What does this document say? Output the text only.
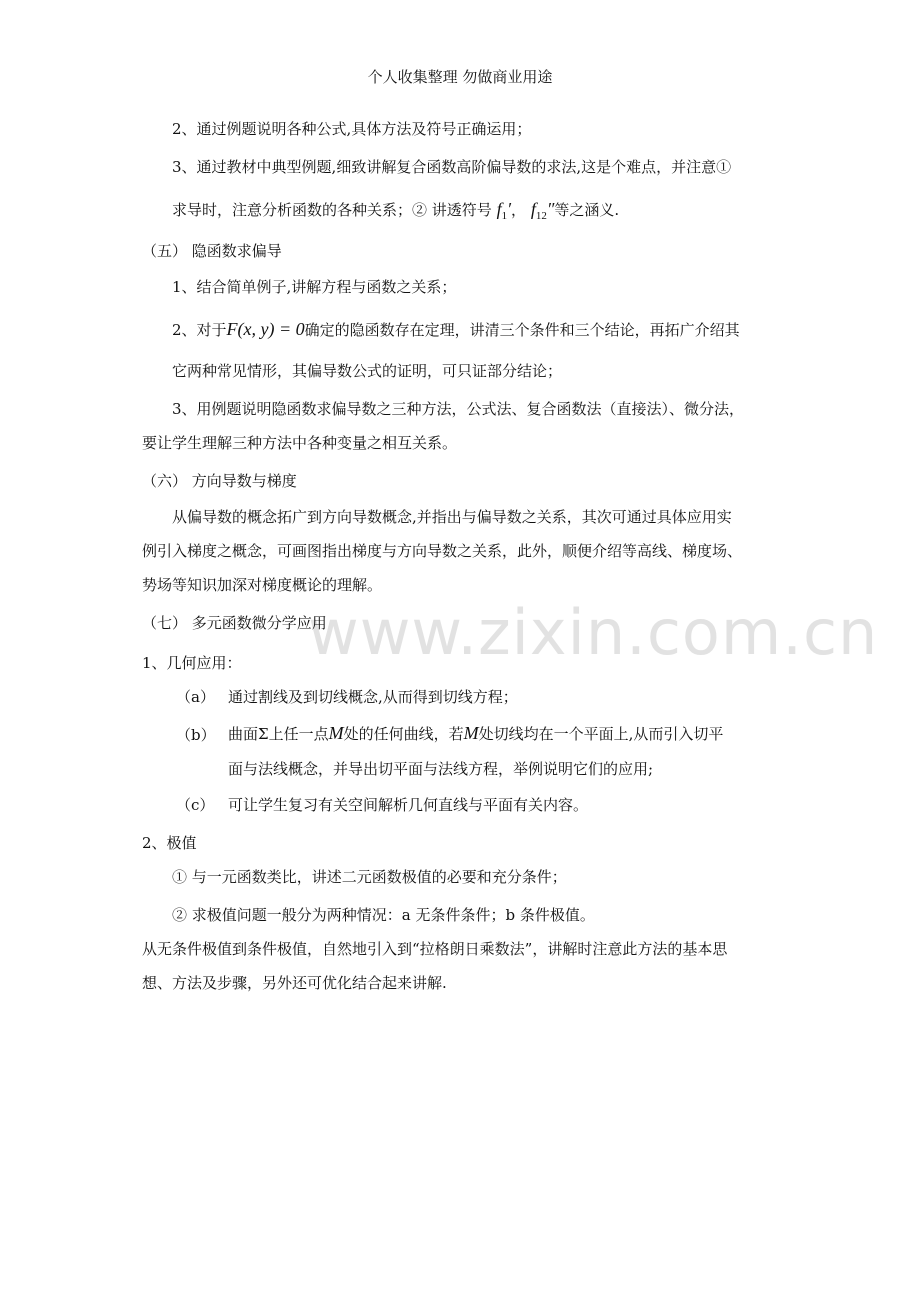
个人收集整理 勿做商业用途
www.zixin.com.cn
2、通过例题说明各种公式,具体方法及符号正确运用；
3、通过教材中典型例题,细致讲解复合函数高阶偏导数的求法,这是个难点，并注意①
求导时，注意分析函数的各种关系；② 讲透符号 $f_1'$， $f_{12}''$等之涵义.
（五） 隐函数求偏导
1、结合简单例子,讲解方程与函数之关系；
2、对于F(x, y) = 0确定的隐函数存在定理，讲清三个条件和三个结论，再拓广介绍其
它两种常见情形，其偏导数公式的证明，可只证部分结论；
3、用例题说明隐函数求偏导数之三种方法，公式法、复合函数法（直接法）、微分法，
要让学生理解三种方法中各种变量之相互关系。
（六） 方向导数与梯度
从偏导数的概念拓广到方向导数概念,并指出与偏导数之关系，其次可通过具体应用实
例引入梯度之概念，可画图指出梯度与方向导数之关系，此外，顺便介绍等高线、梯度场、
势场等知识加深对梯度概论的理解。
（七） 多元函数微分学应用
1、几何应用：
（a） 通过割线及到切线概念,从而得到切线方程；
（b） 曲面Σ上任一点M处的任何曲线，若M处切线均在一个平面上,从而引入切平
面与法线概念，并导出切平面与法线方程，举例说明它们的应用;
（c） 可让学生复习有关空间解析几何直线与平面有关内容。
2、极值
① 与一元函数类比，讲述二元函数极值的必要和充分条件；
② 求极值问题一般分为两种情况：a 无条件条件；b 条件极值。
从无条件极值到条件极值，自然地引入到“拉格朗日乘数法”，讲解时注意此方法的基本思
想、方法及步骤，另外还可优化结合起来讲解.
